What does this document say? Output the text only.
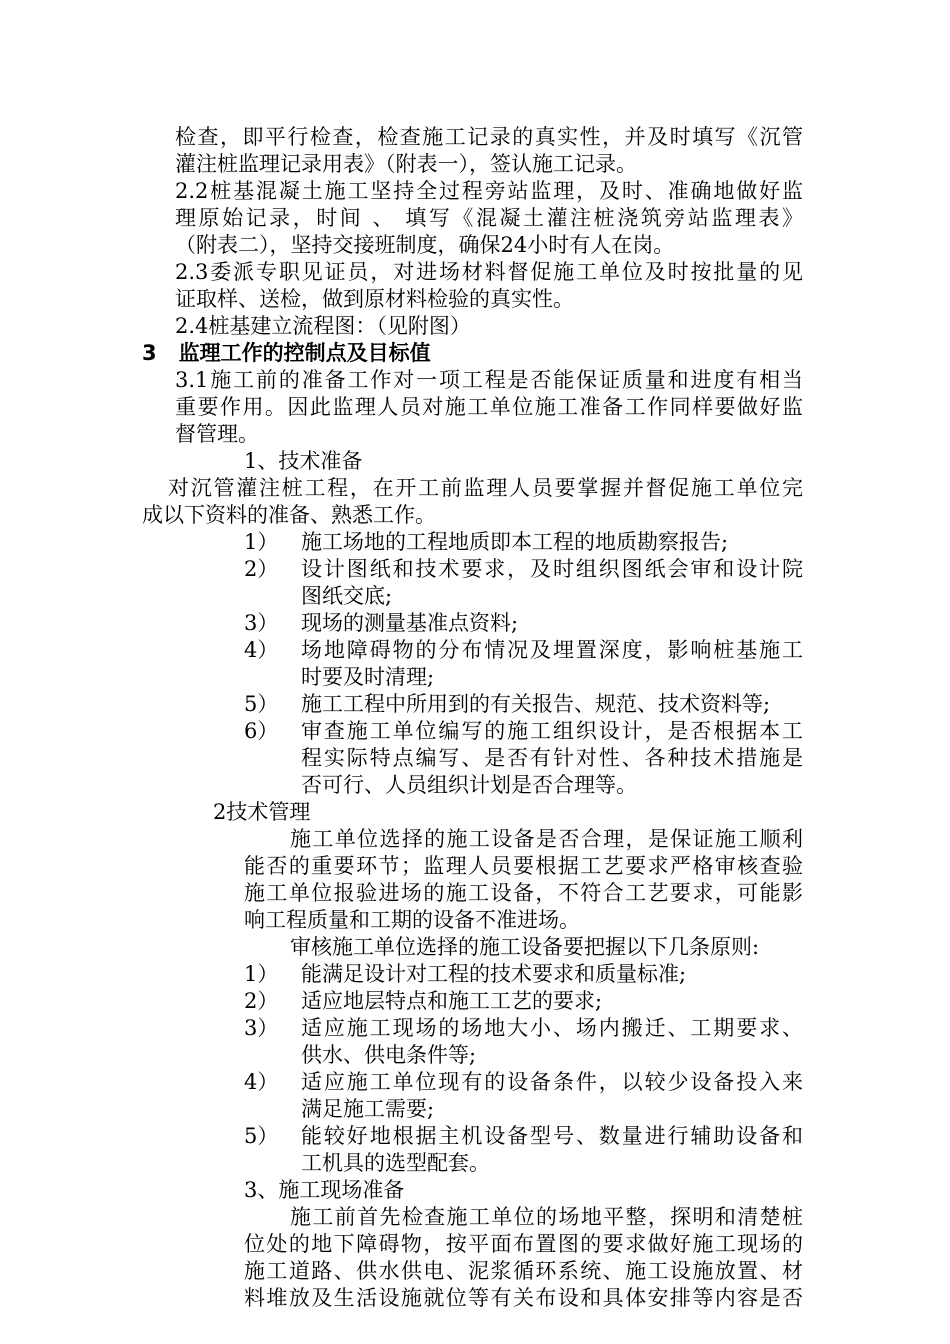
检查，即平行检查，检查施工记录的真实性，并及时填写《沉管
灌注桩监理记录用表》（附表一），签认施工记录。
2.2桩基混凝土施工坚持全过程旁站监理，及时、准确地做好监
理原始记录，时间 、 填写《混凝土灌注桩浇筑旁站监理表》
（附表二），坚持交接班制度，确保24小时有人在岗。
2.3委派专职见证员，对进场材料督促施工单位及时按批量的见
证取样、送检，做到原材料检验的真实性。
2.4桩基建立流程图：（见附图）
3 监理工作的控制点及目标值
3.1施工前的准备工作对一项工程是否能保证质量和进度有相当
重要作用。因此监理人员对施工单位施工准备工作同样要做好监
督管理。
1、技术准备
对沉管灌注桩工程，在开工前监理人员要掌握并督促施工单位完
成以下资料的准备、熟悉工作。
1） 施工场地的工程地质即本工程的地质勘察报告;
2） 设计图纸和技术要求，及时组织图纸会审和设计院
图纸交底;
3） 现场的测量基准点资料;
4） 场地障碍物的分布情况及埋置深度，影响桩基施工
时要及时清理;
5） 施工工程中所用到的有关报告、规范、技术资料等;
6） 审查施工单位编写的施工组织设计，是否根据本工
程实际特点编写、是否有针对性、各种技术措施是
否可行、人员组织计划是否合理等。
2技术管理
施工单位选择的施工设备是否合理，是保证施工顺利
能否的重要环节；监理人员要根据工艺要求严格审核查验
施工单位报验进场的施工设备，不符合工艺要求，可能影
响工程质量和工期的设备不准进场。
审核施工单位选择的施工设备要把握以下几条原则:
1） 能满足设计对工程的技术要求和质量标准;
2） 适应地层特点和施工工艺的要求;
3） 适应施工现场的场地大小、场内搬迁、工期要求、
供水、供电条件等;
4） 适应施工单位现有的设备条件，以较少设备投入来
满足施工需要;
5） 能较好地根据主机设备型号、数量进行辅助设备和
工机具的选型配套。
3、施工现场准备
施工前首先检查施工单位的场地平整，探明和清楚桩
位处的地下障碍物，按平面布置图的要求做好施工现场的
施工道路、供水供电、泥浆循环系统、施工设施放置、材
料堆放及生活设施就位等有关布设和具体安排等内容是否
